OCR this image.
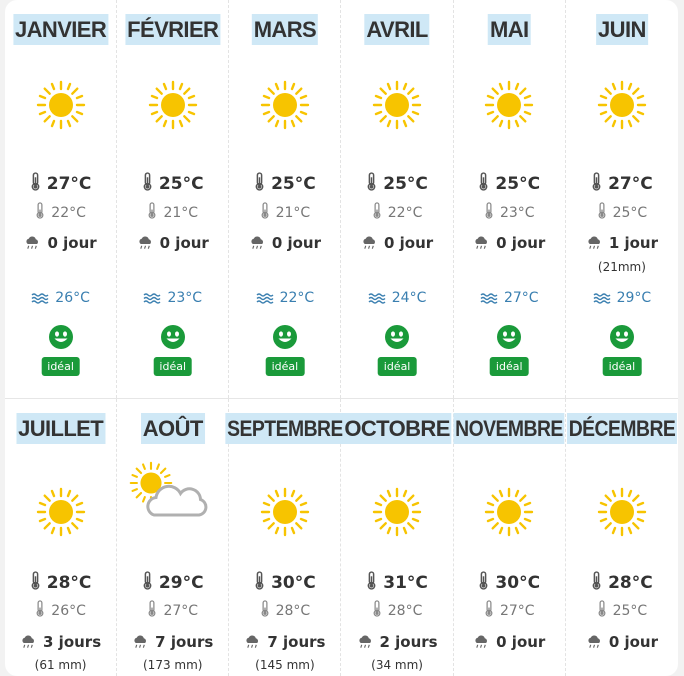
JANVIER
27°C
22°C
0 jour
26°C
idéal
FÉVRIER
25°C
21°C
0 jour
23°C
idéal
MARS
25°C
21°C
0 jour
22°C
idéal
AVRIL
25°C
22°C
0 jour
24°C
idéal
MAI
25°C
23°C
0 jour
27°C
idéal
JUIN
27°C
25°C
1 jour
(21mm)
29°C
idéal
JUILLET
28°C
26°C
3 jours
(61 mm)
AOÛT
29°C
27°C
7 jours
(173 mm)
SEPTEMBRE
30°C
28°C
7 jours
(145 mm)
OCTOBRE
31°C
28°C
2 jours
(34 mm)
NOVEMBRE
30°C
27°C
0 jour
DÉCEMBRE
28°C
25°C
0 jour
